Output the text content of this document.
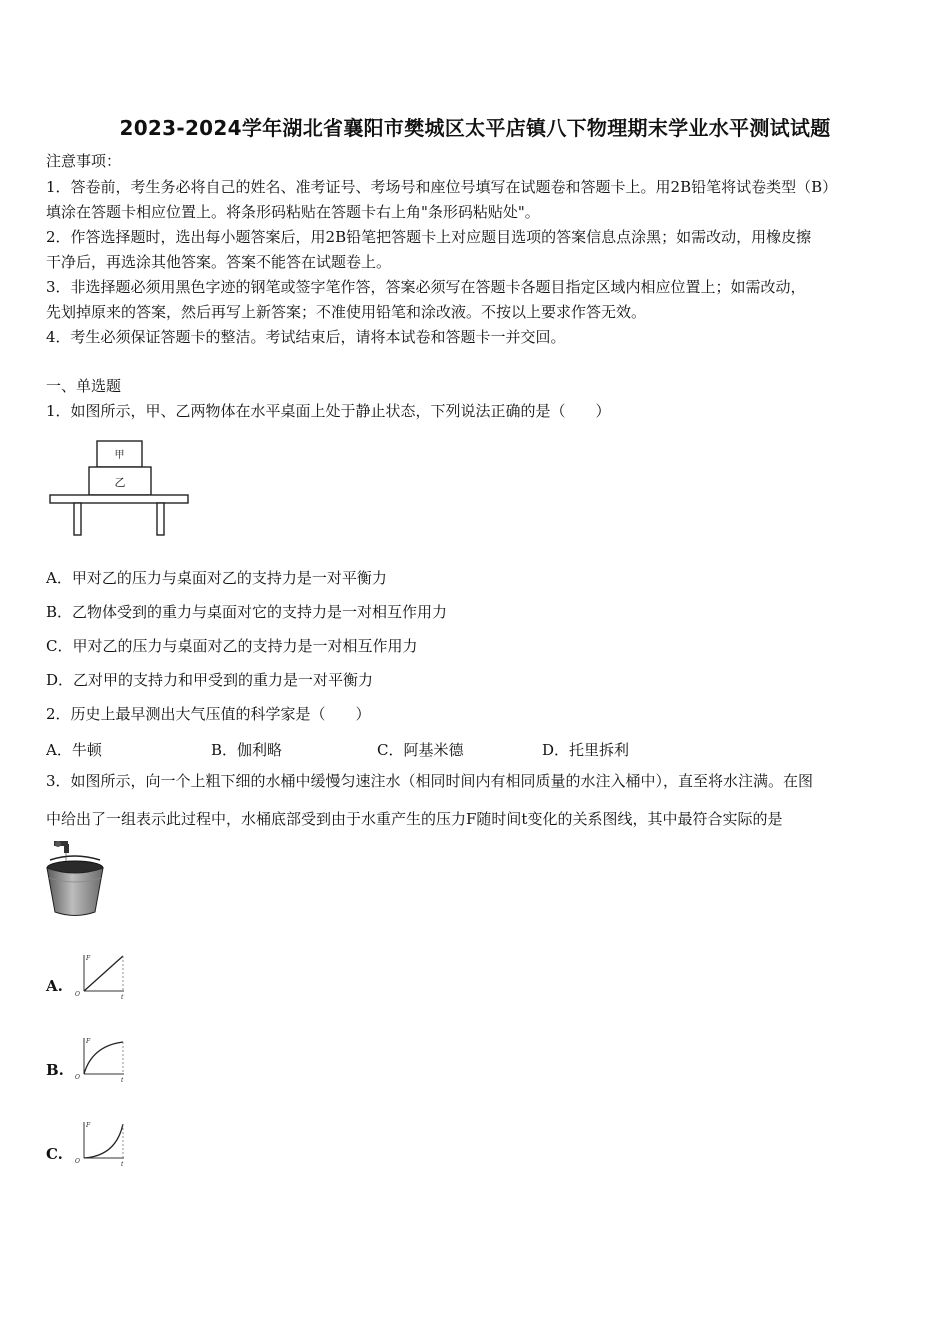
2023-2024学年湖北省襄阳市樊城区太平店镇八下物理期末学业水平测试试题
注意事项：
1．答卷前，考生务必将自己的姓名、准考证号、考场号和座位号填写在试题卷和答题卡上。用2B铅笔将试卷类型（B）
填涂在答题卡相应位置上。将条形码粘贴在答题卡右上角"条形码粘贴处"。
2．作答选择题时，选出每小题答案后，用2B铅笔把答题卡上对应题目选项的答案信息点涂黑；如需改动，用橡皮擦
干净后，再选涂其他答案。答案不能答在试题卷上。
3．非选择题必须用黑色字迹的钢笔或签字笔作答，答案必须写在答题卡各题目指定区域内相应位置上；如需改动，
先划掉原来的答案，然后再写上新答案；不准使用铅笔和涂改液。不按以上要求作答无效。
4．考生必须保证答题卡的整洁。考试结束后，请将本试卷和答题卡一并交回。
一、单选题
1．如图所示，甲、乙两物体在水平桌面上处于静止状态，下列说法正确的是（　　）
甲
乙
A．甲对乙的压力与桌面对乙的支持力是一对平衡力
B．乙物体受到的重力与桌面对它的支持力是一对相互作用力
C．甲对乙的压力与桌面对乙的支持力是一对相互作用力
D．乙对甲的支持力和甲受到的重力是一对平衡力
2．历史上最早测出大气压值的科学家是（　　）
A．牛顿	B．伽利略	C．阿基米德	D．托里拆利
3．如图所示，向一个上粗下细的水桶中缓慢匀速注水（相同时间内有相同质量的水注入桶中），直至将水注满。在图
中给出了一组表示此过程中，水桶底部受到由于水重产生的压力F随时间t变化的关系图线，其中最符合实际的是
A.
F
t
O
B.
F
t
O
C.
F
t
O
